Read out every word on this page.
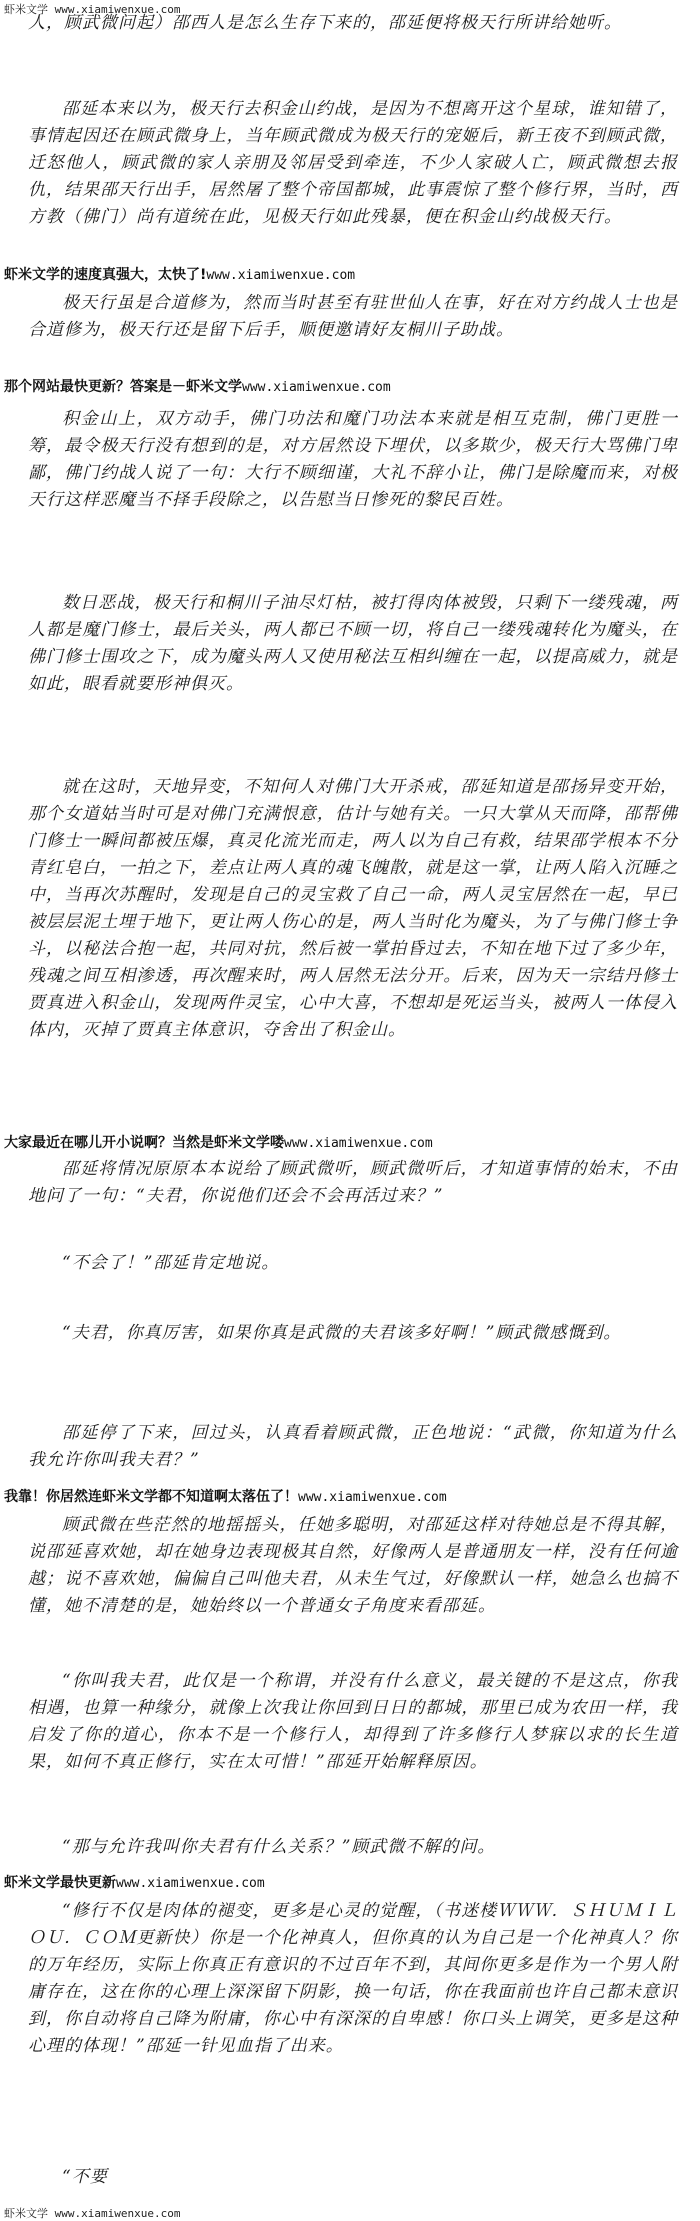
虾米文学 www.xiamiwenxue.com

人，顾武微问起）邵西人是怎么生存下来的，邵延便将极天行所讲给她听。

邵延本来以为，极天行去积金山约战，是因为不想离开这个星球，谁知错了，事情起因还在顾武微身上，当年顾武微成为极天行的宠姬后，新王夜不到顾武微，迁怒他人，顾武微的家人亲朋及邻居受到牵连，不少人家破人亡，顾武微想去报仇，结果邵天行出手，居然屠了整个帝国都城，此事震惊了整个修行界，当时，西方教（佛门）尚有道统在此，见极天行如此残暴，便在积金山约战极天行。

虾米文学的速度真强大，太快了!www.xiamiwenxue.com

极天行虽是合道修为，然而当时甚至有驻世仙人在事，好在对方约战人士也是合道修为，极天行还是留下后手，顺便邀请好友桐川子助战。

那个网站最快更新？答案是－虾米文学www.xiamiwenxue.com

积金山上，双方动手，佛门功法和魔门功法本来就是相互克制，佛门更胜一筹，最令极天行没有想到的是，对方居然设下埋伏，以多欺少，极天行大骂佛门卑鄙，佛门约战人说了一句：大行不顾细谨，大礼不辞小让，佛门是除魔而来，对极天行这样恶魔当不择手段除之，以告慰当日惨死的黎民百姓。

数日恶战，极天行和桐川子油尽灯枯，被打得肉体被毁，只剩下一缕残魂，两人都是魔门修士，最后关头，两人都已不顾一切，将自己一缕残魂转化为魔头，在佛门修士围攻之下，成为魔头两人又使用秘法互相纠缠在一起，以提高威力，就是如此，眼看就要形神俱灭。

就在这时，天地异变，不知何人对佛门大开杀戒，邵延知道是邵扬异变开始，那个女道姑当时可是对佛门充满恨意，估计与她有关。一只大掌从天而降，邵帮佛门修士一瞬间都被压爆，真灵化流光而走，两人以为自己有救，结果邵学根本不分青红皂白，一拍之下，差点让两人真的魂飞魄散，就是这一掌，让两人陷入沉睡之中，当再次苏醒时，发现是自己的灵宝救了自己一命，两人灵宝居然在一起，早已被层层泥土埋于地下，更让两人伤心的是，两人当时化为魔头，为了与佛门修士争斗，以秘法合抱一起，共同对抗，然后被一掌拍昏过去，不知在地下过了多少年，残魂之间互相渗透，再次醒来时，两人居然无法分开。后来，因为天一宗结丹修士贾真进入积金山，发现两件灵宝，心中大喜，不想却是死运当头，被两人一体侵入体内，灭掉了贾真主体意识，夺舍出了积金山。

大家最近在哪儿开小说啊？当然是虾米文学喽www.xiamiwenxue.com

邵延将情况原原本本说给了顾武微听，顾武微听后，才知道事情的始末，不由地问了一句：“夫君，你说他们还会不会再活过来？”

“不会了！”邵延肯定地说。

“夫君，你真厉害，如果你真是武微的夫君该多好啊！”顾武微感慨到。

邵延停了下来，回过头，认真看着顾武微，正色地说：“武微，你知道为什么我允许你叫我夫君？”

我靠！你居然连虾米文学都不知道啊太落伍了！www.xiamiwenxue.com

顾武微在些茫然的地摇摇头，任她多聪明，对邵延这样对待她总是不得其解，说邵延喜欢她，却在她身边表现极其自然，好像两人是普通朋友一样，没有任何逾越；说不喜欢她，偏偏自己叫他夫君，从未生气过，好像默认一样，她急么也搞不懂，她不清楚的是，她始终以一个普通女子角度来看邵延。

“你叫我夫君，此仅是一个称谓，并没有什么意义，最关键的不是这点，你我相遇，也算一种缘分，就像上次我让你回到日日的都城，那里已成为农田一样，我启发了你的道心，你本不是一个修行人，却得到了许多修行人梦寐以求的长生道果，如何不真正修行，实在太可惜！”邵延开始解释原因。

“那与允许我叫你夫君有什么关系？”顾武微不解的问。

虾米文学最快更新www.xiamiwenxue.com

“修行不仅是肉体的褪变，更多是心灵的觉醒，（书迷楼ＷＷＷ．ＳＨＵＭＩＬＯＵ．ＣＯＭ更新快）你是一个化神真人，但你真的认为自己是一个化神真人？你的万年经历，实际上你真正有意识的不过百年不到，其间你更多是作为一个男人附庸存在，这在你的心理上深深留下阴影，换一句话，你在我面前也许自己都未意识到，你自动将自己降为附庸，你心中有深深的自卑感！你口头上调笑，更多是这种心理的体现！”邵延一针见血指了出来。

“不要

虾米文学 www.xiamiwenxue.com
